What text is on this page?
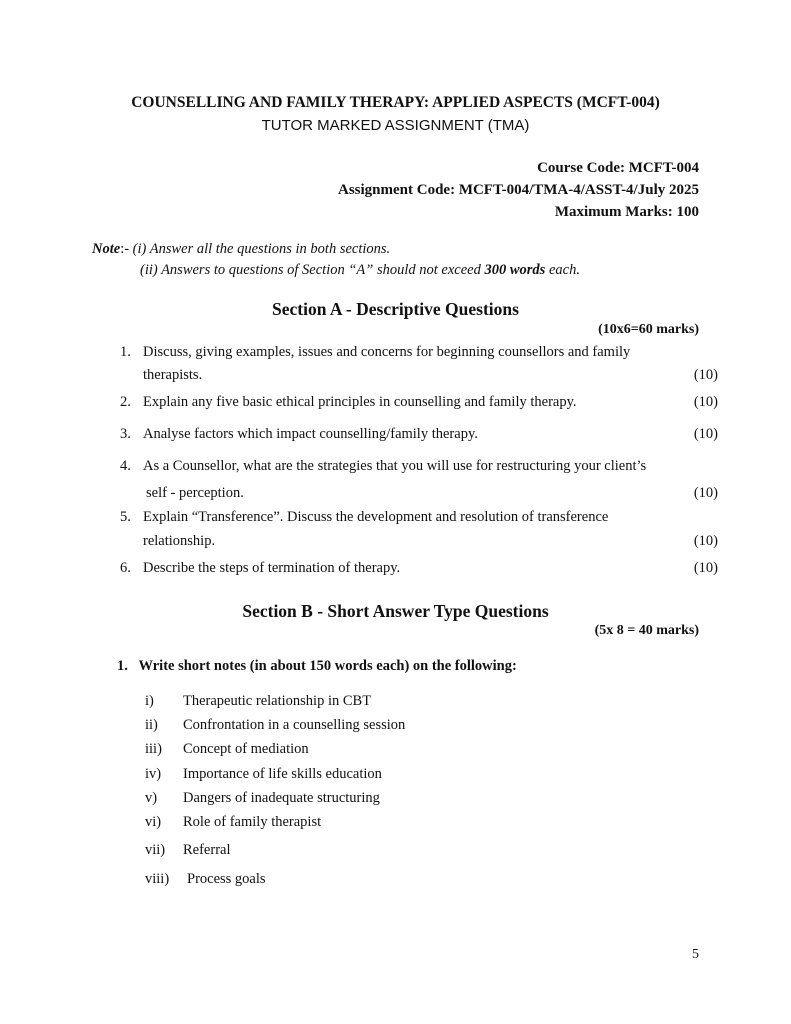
COUNSELLING AND FAMILY THERAPY: APPLIED ASPECTS (MCFT-004)
TUTOR MARKED ASSIGNMENT (TMA)
Course Code: MCFT-004
Assignment Code: MCFT-004/TMA-4/ASST-4/July 2025
Maximum Marks: 100
Note:- (i) Answer all the questions in both sections.
(ii) Answers to questions of Section “A” should not exceed 300 words each.
Section A - Descriptive Questions
(10x6=60 marks)
1. Discuss, giving examples, issues and concerns for beginning counsellors and family
therapists.	(10)
2. Explain any five basic ethical principles in counselling and family therapy.	(10)
3. Analyse factors which impact counselling/family therapy.	(10)
4. As a Counsellor, what are the strategies that you will use for restructuring your client’s
self - perception.	(10)
5. Explain “Transference”. Discuss the development and resolution of transference
relationship.	(10)
6. Describe the steps of termination of therapy.	(10)
Section B - Short Answer Type Questions
(5x 8 = 40 marks)
1.   Write short notes (in about 150 words each) on the following:
i) Therapeutic relationship in CBT
ii) Confrontation in a counselling session
iii) Concept of mediation
iv) Importance of life skills education
v) Dangers of inadequate structuring
vi) Role of family therapist
vii) Referral
viii) Process goals
5
